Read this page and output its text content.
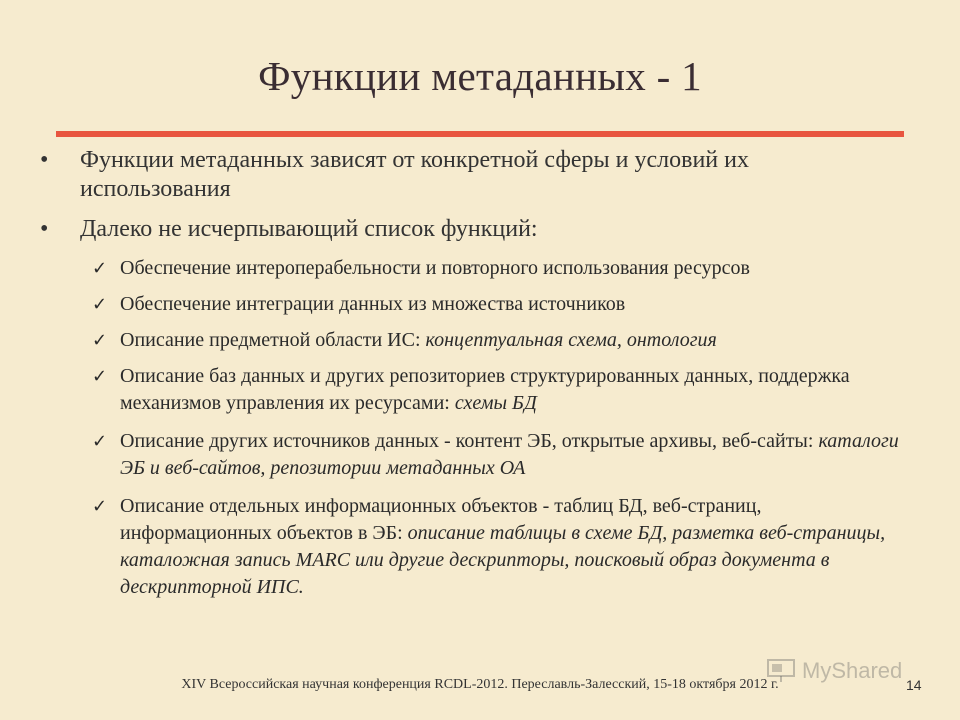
Функции метаданных - 1
• Функции метаданных зависят от конкретной сферы и условий их использования
• Далеко не исчерпывающий список функций:
✓ Обеспечение интероперабельности и повторного использования ресурсов
✓ Обеспечение интеграции данных из множества источников
✓ Описание предметной области ИС: концептуальная схема, онтология
✓ Описание баз данных и других репозиториев структурированных данных, поддержка механизмов управления их ресурсами: схемы БД
✓ Описание других источников данных - контент ЭБ, открытые архивы, веб-сайты: каталоги ЭБ и веб-сайтов, репозитории метаданных ОА
✓ Описание отдельных информационных объектов - таблиц БД, веб-страниц, информационных объектов в ЭБ: описание таблицы в схеме БД, разметка веб-страницы, каталожная запись MARC или другие дескрипторы, поисковый образ документа в дескрипторной ИПС.
XIV Всероссийская научная конференция RCDL-2012. Переславль-Залесский, 15-18 октября 2012 г.
MyShared
14
